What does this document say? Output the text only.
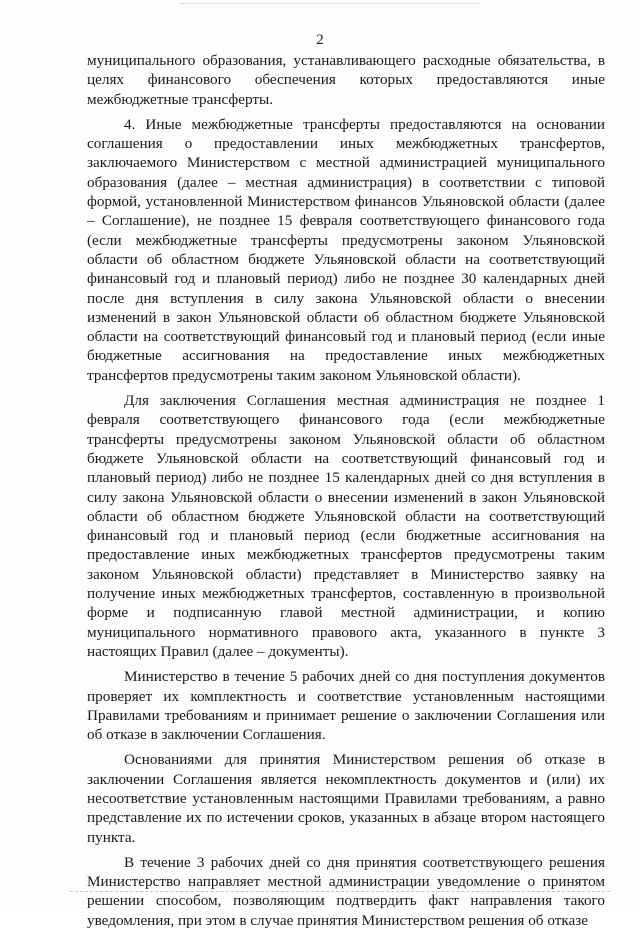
2

муниципального образования, устанавливающего расходные обязательства, в целях финансового обеспечения которых предоставляются иные межбюджетные трансферты.

4. Иные межбюджетные трансферты предоставляются на основании соглашения о предоставлении иных межбюджетных трансфертов, заключаемого Министерством с местной администрацией муниципального образования (далее – местная администрация) в соответствии с типовой формой, установленной Министерством финансов Ульяновской области (далее – Соглашение), не позднее 15 февраля соответствующего финансового года (если межбюджетные трансферты предусмотрены законом Ульяновской области об областном бюджете Ульяновской области на соответствующий финансовый год и плановый период) либо не позднее 30 календарных дней после дня вступления в силу закона Ульяновской области о внесении изменений в закон Ульяновской области об областном бюджете Ульяновской области на соответствующий финансовый год и плановый период (если иные бюджетные ассигнования на предоставление иных межбюджетных трансфертов предусмотрены таким законом Ульяновской области).

Для заключения Соглашения местная администрация не позднее 1 февраля соответствующего финансового года (если межбюджетные трансферты предусмотрены законом Ульяновской области об областном бюджете Ульяновской области на соответствующий финансовый год и плановый период) либо не позднее 15 календарных дней со дня вступления в силу закона Ульяновской области о внесении изменений в закон Ульяновской области об областном бюджете Ульяновской области на соответствующий финансовый год и плановый период (если бюджетные ассигнования на предоставление иных межбюджетных трансфертов предусмотрены таким законом Ульяновской области) представляет в Министерство заявку на получение иных межбюджетных трансфертов, составленную в произвольной форме и подписанную главой местной администрации, и копию муниципального нормативного правового акта, указанного в пункте 3 настоящих Правил (далее – документы).

Министерство в течение 5 рабочих дней со дня поступления документов проверяет их комплектность и соответствие установленным настоящими Правилами требованиям и принимает решение о заключении Соглашения или об отказе в заключении Соглашения.

Основаниями для принятия Министерством решения об отказе в заключении Соглашения является некомплектность документов и (или) их несоответствие установленным настоящими Правилами требованиям, а равно представление их по истечении сроков, указанных в абзаце втором настоящего пункта.

В течение 3 рабочих дней со дня принятия соответствующего решения Министерство направляет местной администрации уведомление о принятом решении способом, позволяющим подтвердить факт направления такого уведомления, при этом в случае принятия Министерством решения об отказе
